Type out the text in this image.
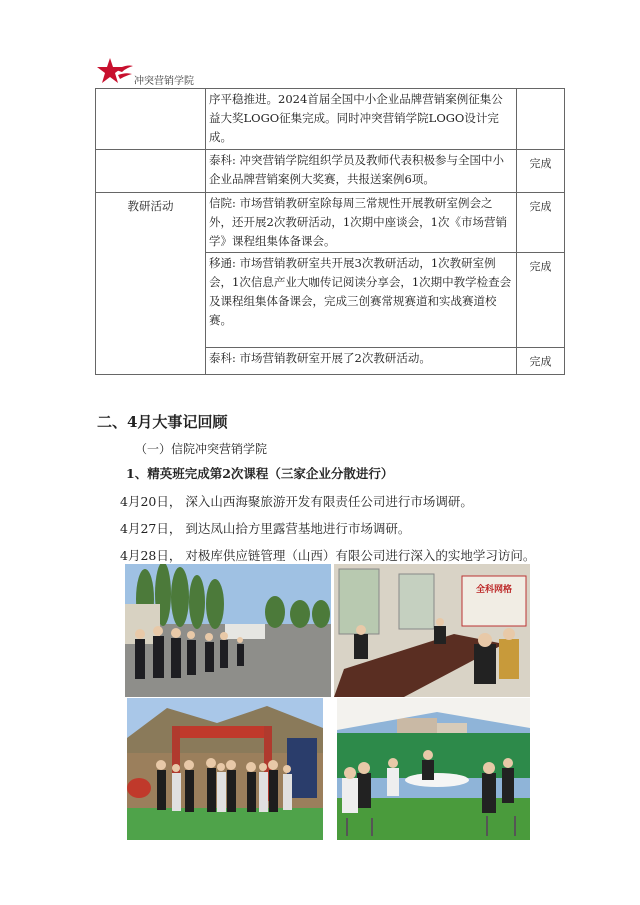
冲突营销学院
	序平稳推进。2024首届全国中小企业品牌营销案例征集公益大奖LOGO征集完成。同时冲突营销学院LOGO设计完成。	
	泰科: 冲突营销学院组织学员及教师代表积极参与全国中小企业品牌营销案例大奖赛，共报送案例6项。	完成
教研活动	信院: 市场营销教研室除每周三常规性开展教研室例会之外，还开展2次教研活动，1次期中座谈会，1次《市场营销学》课程组集体备课会。	完成
	移通: 市场营销教研室共开展3次教研活动，1次教研室例会，1次信息产业大咖传记阅读分享会，1次期中教学检查会及课程组集体备课会，完成三创赛常规赛道和实战赛道校赛。	完成
	泰科: 市场营销教研室开展了2次教研活动。	完成
二、4月大事记回顾
（一）信院冲突营销学院
1、精英班完成第2次课程（三家企业分散进行）
4月20日， 深入山西海聚旅游开发有限责任公司进行市场调研。
4月27日， 到达凤山拾方里露营基地进行市场调研。
4月28日， 对极库供应链管理（山西）有限公司进行深入的实地学习访问。
全科网格
